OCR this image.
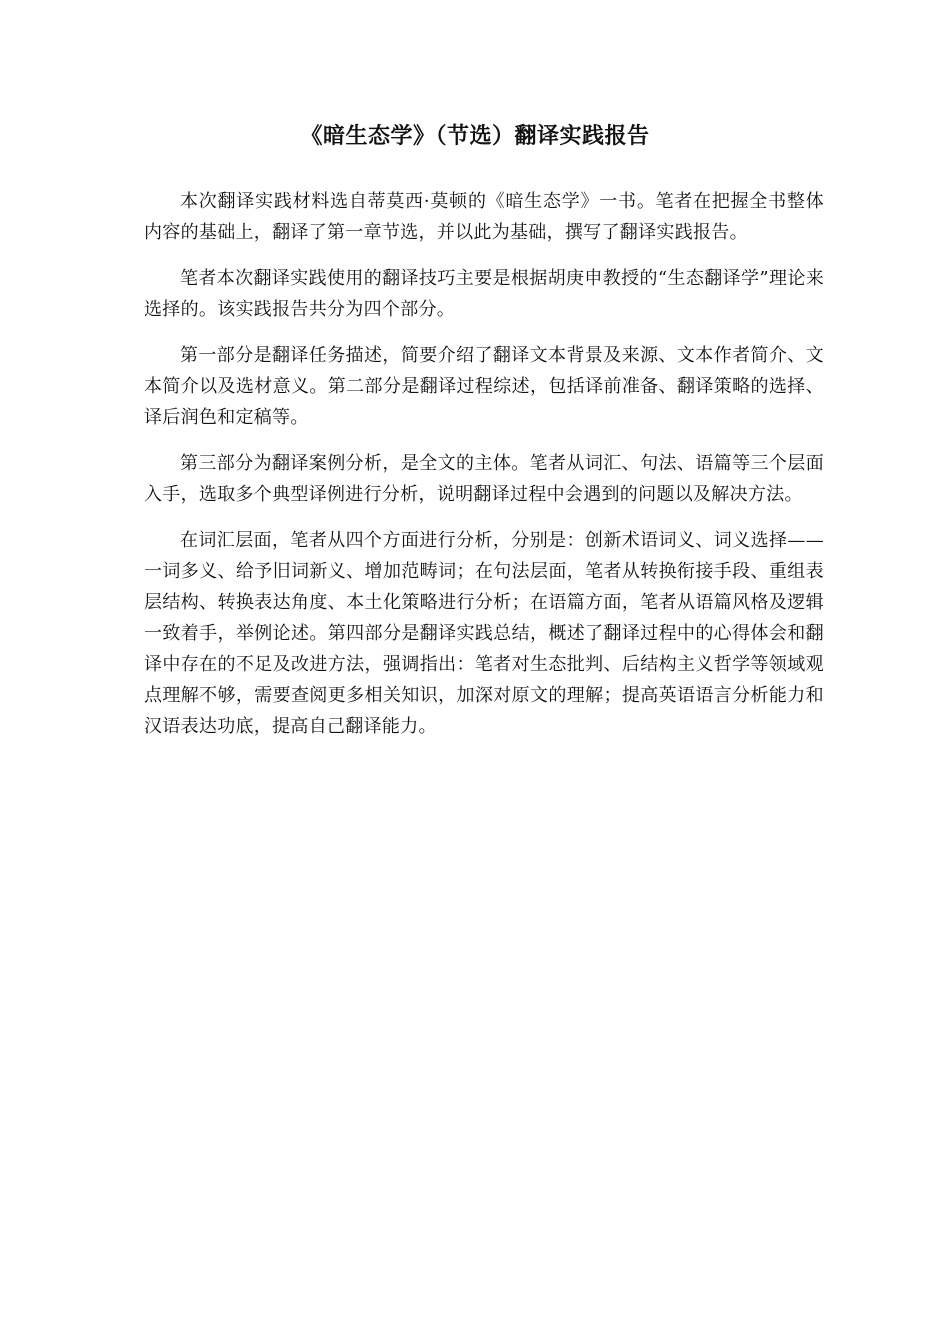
《暗生态学》（节选）翻译实践报告

本次翻译实践材料选自蒂莫西·莫顿的《暗生态学》一书。笔者在把握全书整体内容的基础上，翻译了第一章节选，并以此为基础，撰写了翻译实践报告。

笔者本次翻译实践使用的翻译技巧主要是根据胡庚申教授的“生态翻译学”理论来选择的。该实践报告共分为四个部分。

第一部分是翻译任务描述，简要介绍了翻译文本背景及来源、文本作者简介、文本简介以及选材意义。第二部分是翻译过程综述，包括译前准备、翻译策略的选择、译后润色和定稿等。

第三部分为翻译案例分析，是全文的主体。笔者从词汇、句法、语篇等三个层面入手，选取多个典型译例进行分析，说明翻译过程中会遇到的问题以及解决方法。

在词汇层面，笔者从四个方面进行分析，分别是：创新术语词义、词义选择——一词多义、给予旧词新义、增加范畴词；在句法层面，笔者从转换衔接手段、重组表层结构、转换表达角度、本土化策略进行分析；在语篇方面，笔者从语篇风格及逻辑一致着手，举例论述。第四部分是翻译实践总结，概述了翻译过程中的心得体会和翻译中存在的不足及改进方法，强调指出：笔者对生态批判、后结构主义哲学等领域观点理解不够，需要查阅更多相关知识，加深对原文的理解；提高英语语言分析能力和汉语表达功底，提高自己翻译能力。
